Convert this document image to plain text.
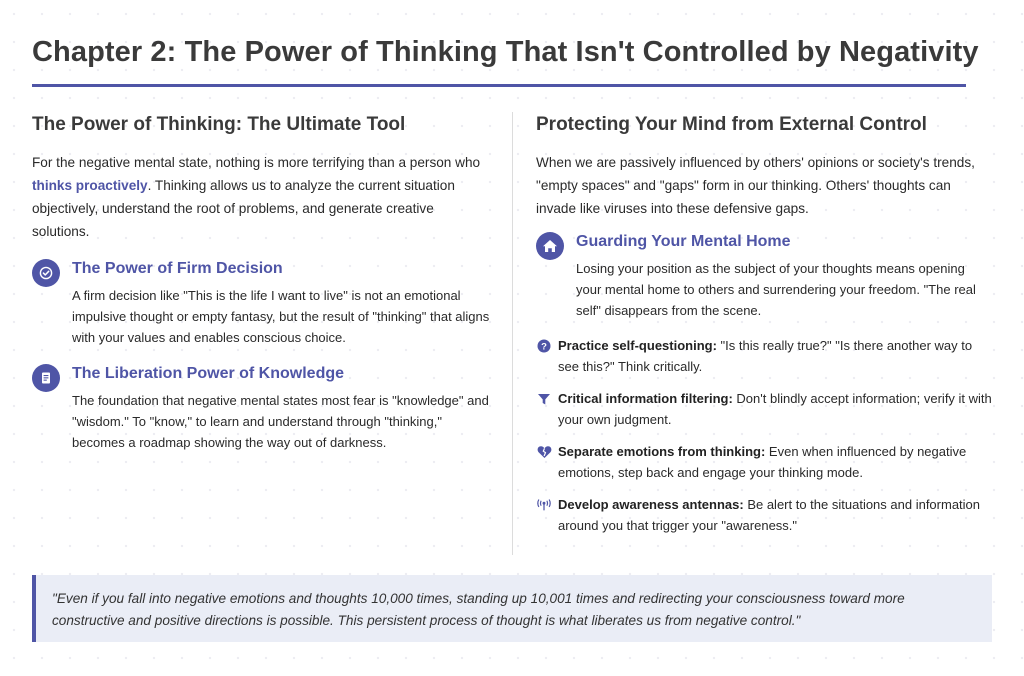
Chapter 2: The Power of Thinking That Isn't Controlled by Negativity
The Power of Thinking: The Ultimate Tool

For the negative mental state, nothing is more terrifying than a person who thinks proactively. Thinking allows us to analyze the current situation objectively, understand the root of problems, and generate creative solutions.

The Power of Firm Decision

A firm decision like "This is the life I want to live" is not an emotional impulsive thought or empty fantasy, but the result of "thinking" that aligns with your values and enables conscious choice.

The Liberation Power of Knowledge

The foundation that negative mental states most fear is "knowledge" and "wisdom." To "know," to learn and understand through "thinking," becomes a roadmap showing the way out of darkness.

Protecting Your Mind from External Control

When we are passively influenced by others' opinions or society's trends, "empty spaces" and "gaps" form in our thinking. Others' thoughts can invade like viruses into these defensive gaps.

Guarding Your Mental Home

Losing your position as the subject of your thoughts means opening your mental home to others and surrendering your freedom. "The real self" disappears from the scene.

? Practice self-questioning: "Is this really true?" "Is there another way to see this?" Think critically.
Critical information filtering: Don't blindly accept information; verify it with your own judgment.
Separate emotions from thinking: Even when influenced by negative emotions, step back and engage your thinking mode.
Develop awareness antennas: Be alert to the situations and information around you that trigger your "awareness."

"Even if you fall into negative emotions and thoughts 10,000 times, standing up 10,001 times and redirecting your consciousness toward more constructive and positive directions is possible. This persistent process of thought is what liberates us from negative control."
